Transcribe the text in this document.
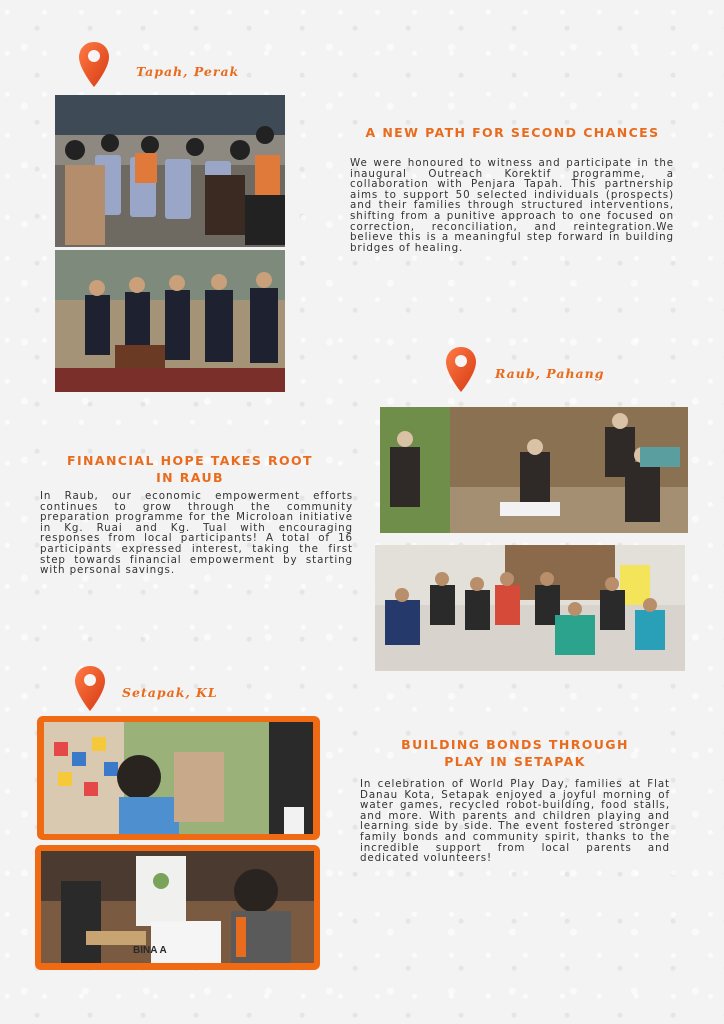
Tapah, Perak
A NEW PATH FOR SECOND CHANCES
We were honoured to witness and participate in the inaugural Outreach Korektif programme, a collaboration with Penjara Tapah. This partnership aims to support 50 selected individuals (prospects) and their families through structured interventions, shifting from a punitive approach to one focused on correction, reconciliation, and reintegration.We believe this is a meaningful step forward in building bridges of healing.
Raub, Pahang
FINANCIAL HOPE TAKES ROOT
IN RAUB
In Raub, our economic empowerment efforts continues to grow through the community preparation programme for the Microloan initiative in Kg. Ruai and Kg. Tual with encouraging responses from local participants! A total of 16 participants expressed interest, taking the first step towards financial empowerment by starting with personal savings.
Setapak, KL
BINA A
BUILDING BONDS THROUGH
PLAY IN SETAPAK
In celebration of World Play Day, families at Flat Danau Kota, Setapak enjoyed a joyful morning of water games, recycled robot-building, food stalls, and more. With parents and children playing and learning side by side. The event fostered stronger family bonds and community spirit, thanks to the incredible support from local parents and dedicated volunteers!
